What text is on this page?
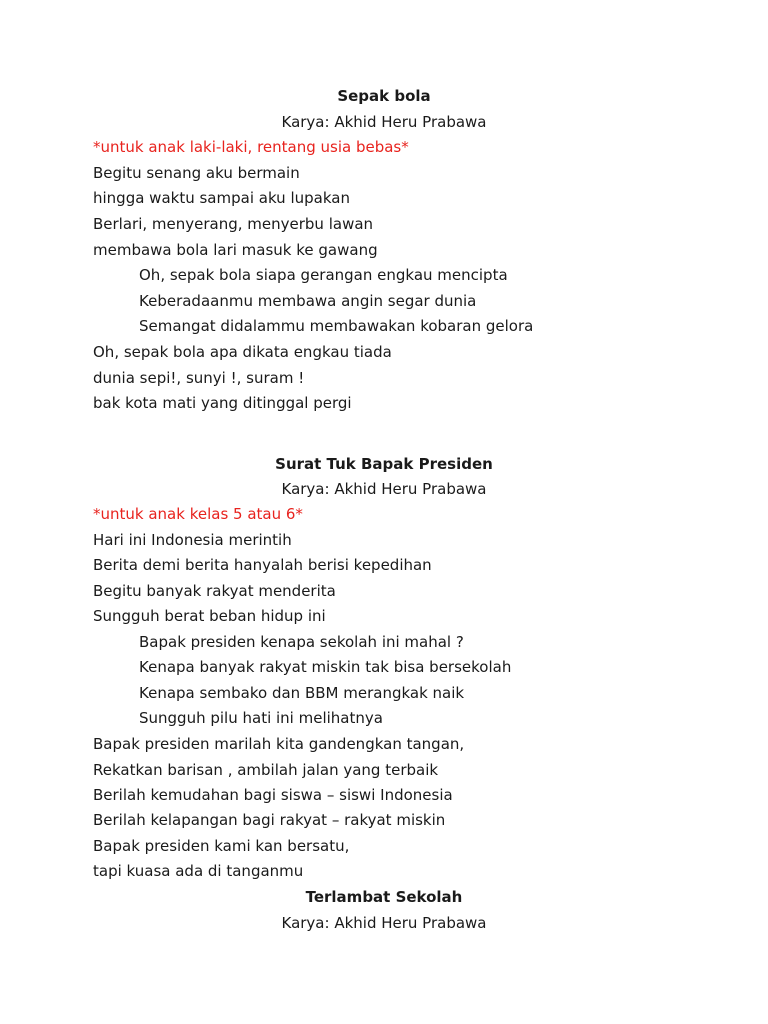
Sepak bola
Karya: Akhid Heru Prabawa
*untuk anak laki-laki, rentang usia bebas*
Begitu senang aku bermain
hingga waktu sampai aku lupakan
Berlari, menyerang, menyerbu lawan
membawa bola lari masuk ke gawang
Oh, sepak bola siapa gerangan engkau mencipta
Keberadaanmu membawa angin segar dunia
Semangat didalammu membawakan kobaran gelora
Oh, sepak bola apa dikata engkau tiada
dunia sepi!, sunyi !, suram !
bak kota mati yang ditinggal pergi
Surat Tuk Bapak Presiden
Karya: Akhid Heru Prabawa
*untuk anak kelas 5 atau 6*
Hari ini Indonesia merintih
Berita demi berita hanyalah berisi kepedihan
Begitu banyak rakyat menderita
Sungguh berat beban hidup ini
Bapak presiden kenapa sekolah ini mahal ?
Kenapa banyak rakyat miskin tak bisa bersekolah
Kenapa sembako dan BBM merangkak naik
Sungguh pilu hati ini melihatnya
Bapak presiden marilah kita gandengkan tangan,
Rekatkan barisan , ambilah jalan yang terbaik
Berilah kemudahan bagi siswa – siswi Indonesia
Berilah kelapangan bagi rakyat – rakyat miskin
Bapak presiden kami kan bersatu,
tapi kuasa ada di tanganmu
Terlambat Sekolah
Karya: Akhid Heru Prabawa
